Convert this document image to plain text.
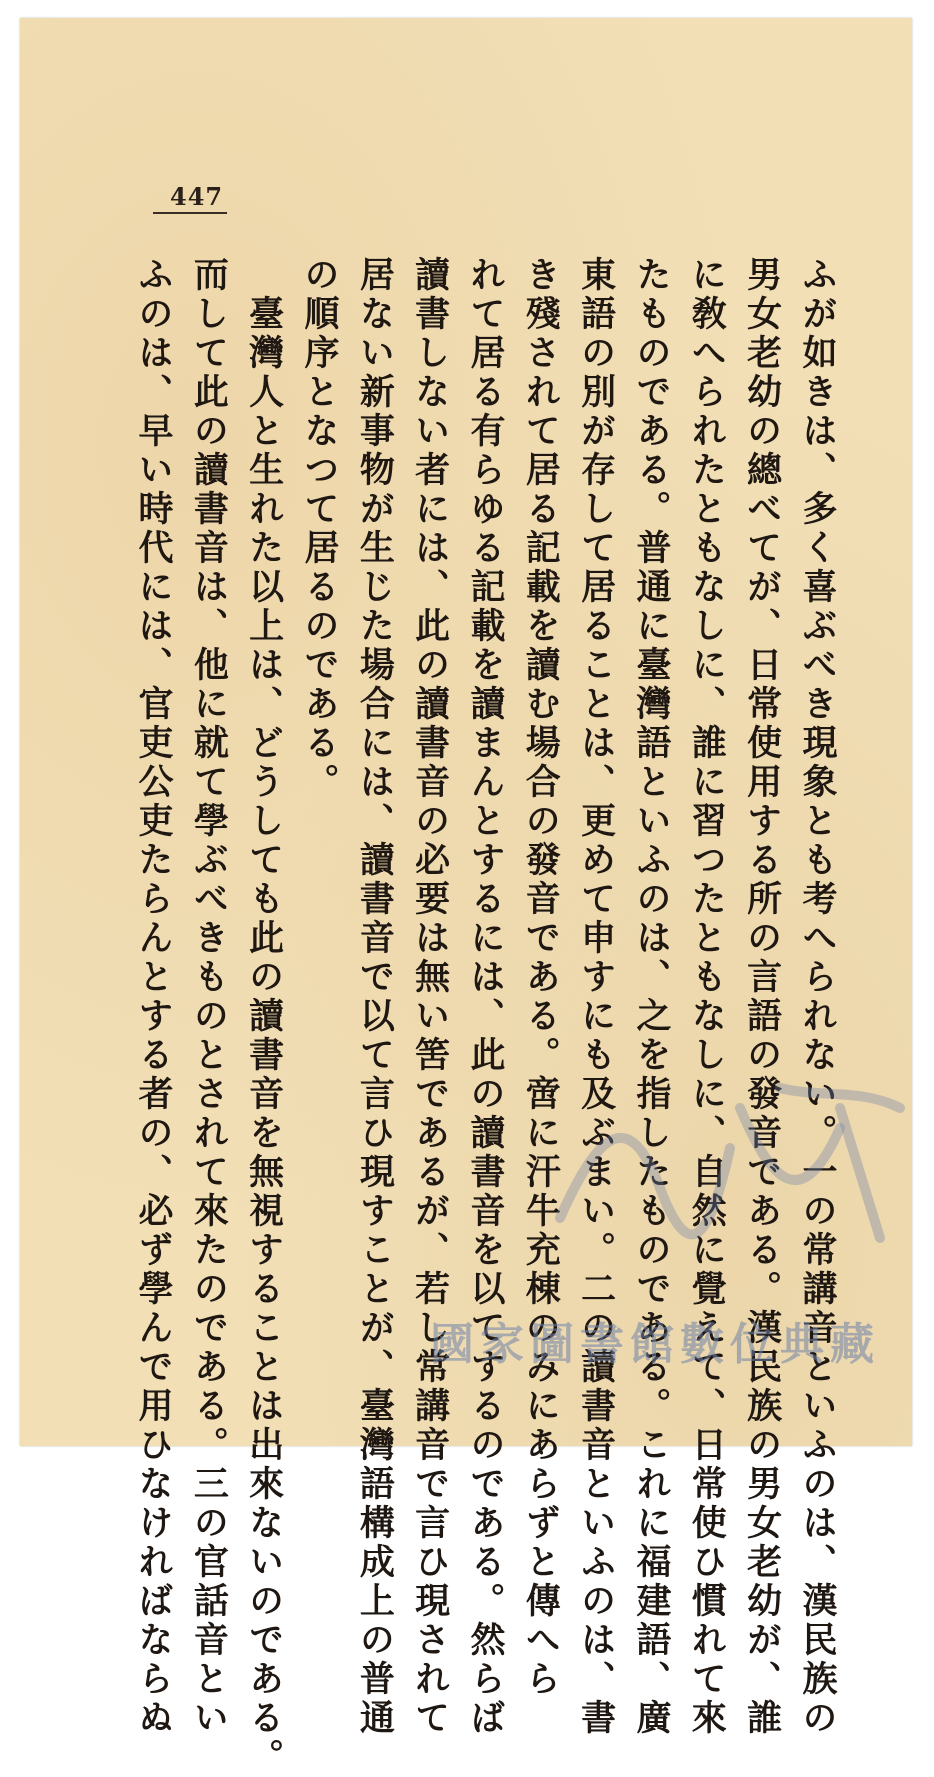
447
ふが如きは、多く喜ぶべき現象とも考へられない。一の常講音といふのは、漢民族の
男女老幼の總べてが、日常使用する所の言語の發音である。漢民族の男女老幼が、誰
に敎へられたともなしに、誰に習つたともなしに、自然に覺えて、日常使ひ慣れて來
たものである。普通に臺灣語といふのは、之を指したものである。これに福建語、廣
東語の別が存して居ることは、更めて申すにも及ぶまい。二の讀書音といふのは、書
き殘されて居る記載を讀む場合の發音である。啻に汗牛充棟のみにあらずと傳へら
れて居る有らゆる記載を讀まんとするには、此の讀書音を以てするのである。然らば
讀書しない者には、此の讀書音の必要は無い筈であるが、若し常講音で言ひ現されて
居ない新事物が生じた場合には、讀書音で以て言ひ現すことが、臺灣語構成上の普通
の順序となつて居るのである。
　臺灣人と生れた以上は、どうしても此の讀書音を無視することは出來ないのである。
而して此の讀書音は、他に就て學ぶべきものとされて來たのである。三の官話音とい
ふのは、早い時代には、官吏公吏たらんとする者の、必ず學んで用ひなければならぬ	國家圖書館數位典藏
